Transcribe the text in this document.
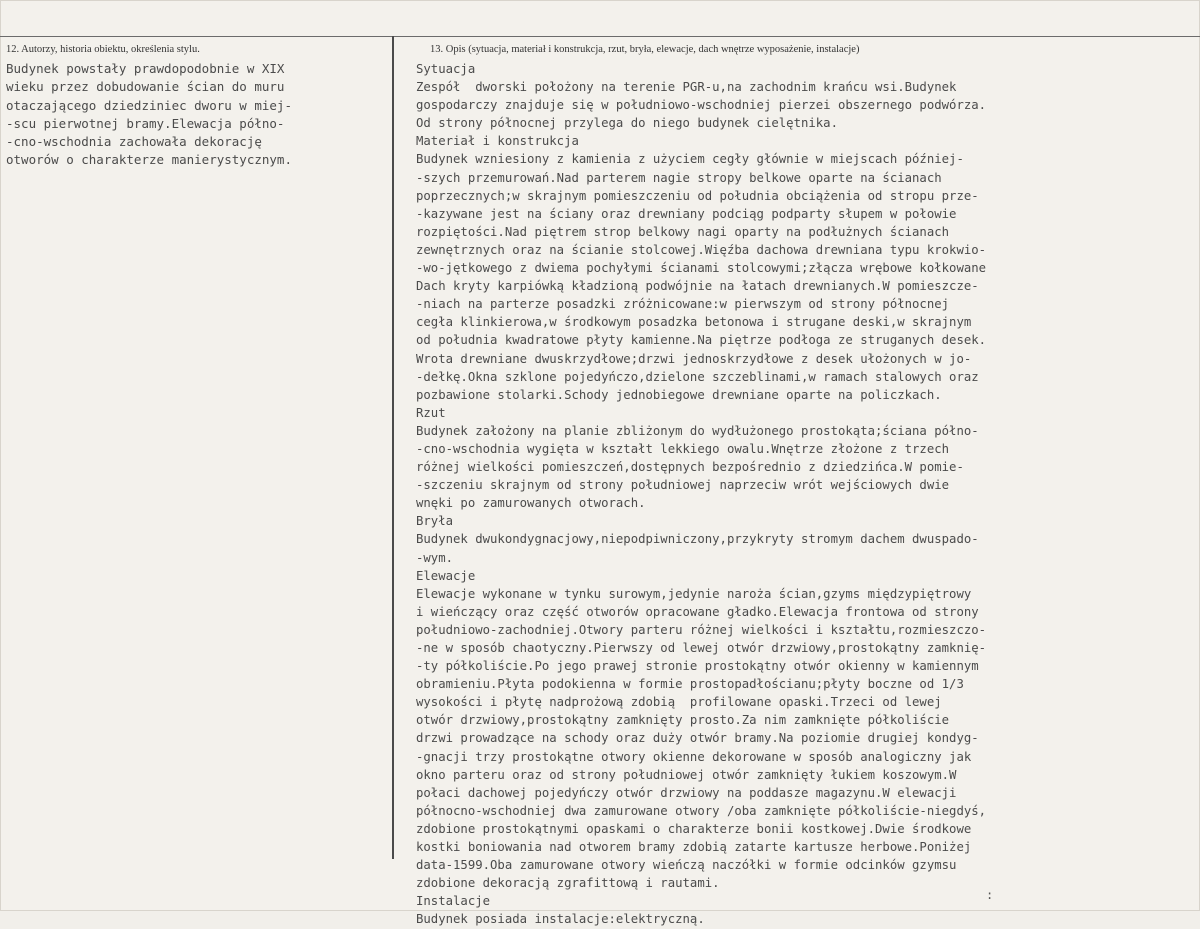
12. Autorzy, historia obiektu, określenia stylu.	13. Opis (sytuacja, materiał i konstrukcja, rzut, bryła, elewacje, dach wnętrze wyposażenie, instalacje)
Budynek powstały prawdopodobnie w XIX
wieku przez dobudowanie ścian do muru
otaczającego dziedziniec dworu w miej-
-scu pierwotnej bramy.Elewacja półno-
-cno-wschodnia zachowała dekorację
otworów o charakterze manierystycznym.
Sytuacja
Zespół  dworski położony na terenie PGR-u,na zachodnim krańcu wsi.Budynek
gospodarczy znajduje się w południowo-wschodniej pierzei obszernego podwórza.
Od strony północnej przylega do niego budynek cielętnika.
Materiał i konstrukcja
Budynek wzniesiony z kamienia z użyciem cegły głównie w miejscach później-
-szych przemurowań.Nad parterem nagie stropy belkowe oparte na ścianach
poprzecznych;w skrajnym pomieszczeniu od południa obciążenia od stropu prze-
-kazywane jest na ściany oraz drewniany podciąg podparty słupem w połowie
rozpiętości.Nad piętrem strop belkowy nagi oparty na podłużnych ścianach
zewnętrznych oraz na ścianie stolcowej.Więźba dachowa drewniana typu krokwio-
-wo-jętkowego z dwiema pochyłymi ścianami stolcowymi;złącza wrębowe kołkowane
Dach kryty karpiówką kładzioną podwójnie na łatach drewnianych.W pomieszcze-
-niach na parterze posadzki zróżnicowane:w pierwszym od strony północnej
cegła klinkierowa,w środkowym posadzka betonowa i strugane deski,w skrajnym
od południa kwadratowe płyty kamienne.Na piętrze podłoga ze struganych desek.
Wrota drewniane dwuskrzydłowe;drzwi jednoskrzydłowe z desek ułożonych w jo-
-dełkę.Okna szklone pojedyńczo,dzielone szczeblinami,w ramach stalowych oraz
pozbawione stolarki.Schody jednobiegowe drewniane oparte na policzkach.
Rzut
Budynek założony na planie zbliżonym do wydłużonego prostokąta;ściana półno-
-cno-wschodnia wygięta w kształt lekkiego owalu.Wnętrze złożone z trzech
różnej wielkości pomieszczeń,dostępnych bezpośrednio z dziedzińca.W pomie-
-szczeniu skrajnym od strony południowej naprzeciw wrót wejściowych dwie
wnęki po zamurowanych otworach.
Bryła
Budynek dwukondygnacjowy,niepodpiwniczony,przykryty stromym dachem dwuspado-
-wym.
Elewacje
Elewacje wykonane w tynku surowym,jedynie naroża ścian,gzyms międzypiętrowy
i wieńczący oraz część otworów opracowane gładko.Elewacja frontowa od strony
południowo-zachodniej.Otwory parteru różnej wielkości i kształtu,rozmieszczo-
-ne w sposób chaotyczny.Pierwszy od lewej otwór drzwiowy,prostokątny zamknię-
-ty półkoliście.Po jego prawej stronie prostokątny otwór okienny w kamiennym
obramieniu.Płyta podokienna w formie prostopadłościanu;płyty boczne od 1/3
wysokości i płytę nadprożową zdobią  profilowane opaski.Trzeci od lewej
otwór drzwiowy,prostokątny zamknięty prosto.Za nim zamknięte półkoliście
drzwi prowadzące na schody oraz duży otwór bramy.Na poziomie drugiej kondyg-
-gnacji trzy prostokątne otwory okienne dekorowane w sposób analogiczny jak
okno parteru oraz od strony południowej otwór zamknięty łukiem koszowym.W
połaci dachowej pojedyńczy otwór drzwiowy na poddasze magazynu.W elewacji
północno-wschodniej dwa zamurowane otwory /oba zamknięte półkoliście-niegdyś,
zdobione prostokątnymi opaskami o charakterze bonii kostkowej.Dwie środkowe
kostki boniowania nad otworem bramy zdobią zatarte kartusze herbowe.Poniżej
data-1599.Oba zamurowane otwory wieńczą naczółki w formie odcinków gzymsu
zdobione dekoracją zgrafittową i rautami.
Instalacje
Budynek posiada instalacje:elektryczną.
:
